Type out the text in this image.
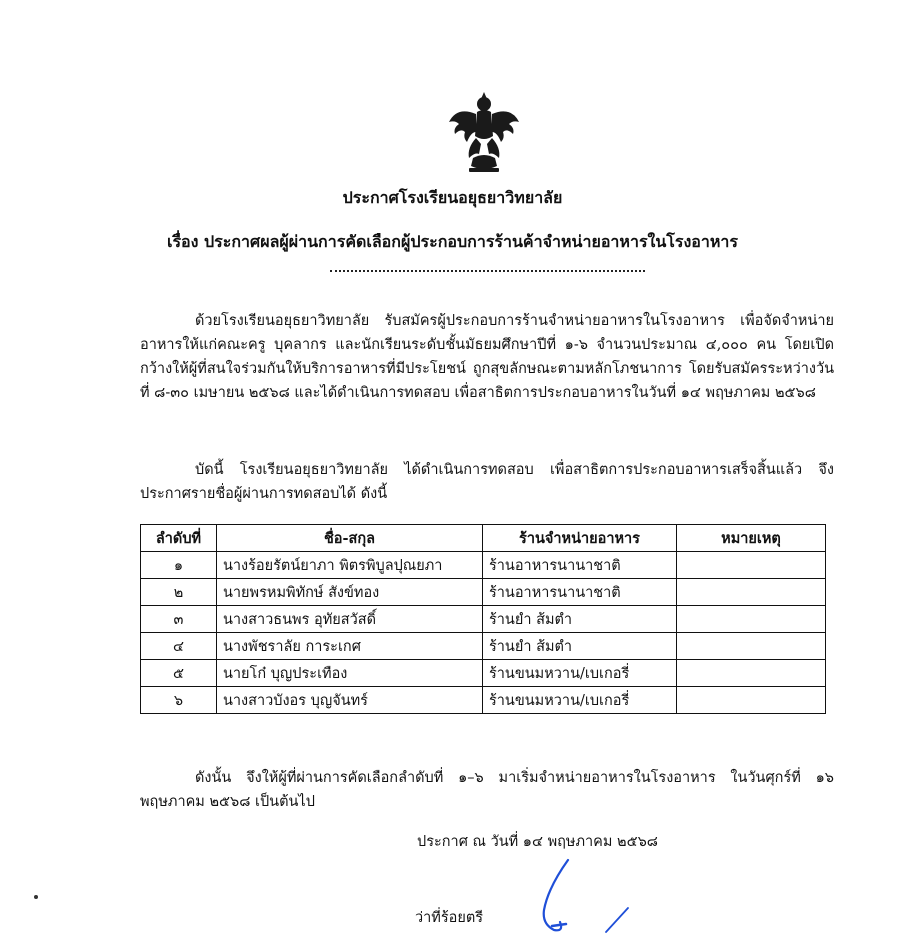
ประกาศโรงเรียนอยุธยาวิทยาลัย
เรื่อง ประกาศผลผู้ผ่านการคัดเลือกผู้ประกอบการร้านค้าจำหน่ายอาหารในโรงอาหาร
ด้วยโรงเรียนอยุธยาวิทยาลัย รับสมัครผู้ประกอบการร้านจำหน่ายอาหารในโรงอาหาร เพื่อจัดจำหน่ายอาหารให้แก่คณะครู บุคลากร และนักเรียนระดับชั้นมัธยมศึกษาปีที่ ๑-๖ จำนวนประมาณ ๔,๐๐๐ คน โดยเปิดกว้างให้ผู้ที่สนใจร่วมกันให้บริการอาหารที่มีประโยชน์ ถูกสุขลักษณะตามหลักโภชนาการ โดยรับสมัครระหว่างวันที่ ๘-๓๐ เมษายน ๒๕๖๘ และได้ดำเนินการทดสอบ เพื่อสาธิตการประกอบอาหารในวันที่ ๑๔ พฤษภาคม ๒๕๖๘
บัดนี้ โรงเรียนอยุธยาวิทยาลัย ได้ดำเนินการทดสอบ เพื่อสาธิตการประกอบอาหารเสร็จสิ้นแล้ว จึงประกาศรายชื่อผู้ผ่านการทดสอบได้ ดังนี้
ลำดับที่	ชื่อ-สกุล	ร้านจำหน่ายอาหาร	หมายเหตุ
๑	นางร้อยรัตน์ยาภา พิตรพิบูลปุณยภา	ร้านอาหารนานาชาติ	
๒	นายพรหมพิทักษ์ สังข์ทอง	ร้านอาหารนานาชาติ	
๓	นางสาวธนพร อุทัยสวัสดิ์	ร้านยำ ส้มตำ	
๔	นางพัชราลัย การะเกศ	ร้านยำ ส้มตำ	
๕	นายโก๋ บุญประเทือง	ร้านขนมหวาน/เบเกอรี่	
๖	นางสาวบังอร บุญจันทร์	ร้านขนมหวาน/เบเกอรี่	
ดังนั้น จึงให้ผู้ที่ผ่านการคัดเลือกลำดับที่ ๑–๖ มาเริ่มจำหน่ายอาหารในโรงอาหาร ในวันศุกร์ที่ ๑๖ พฤษภาคม ๒๕๖๘ เป็นต้นไป
ประกาศ ณ วันที่ ๑๔ พฤษภาคม ๒๕๖๘
ว่าที่ร้อยตรี
